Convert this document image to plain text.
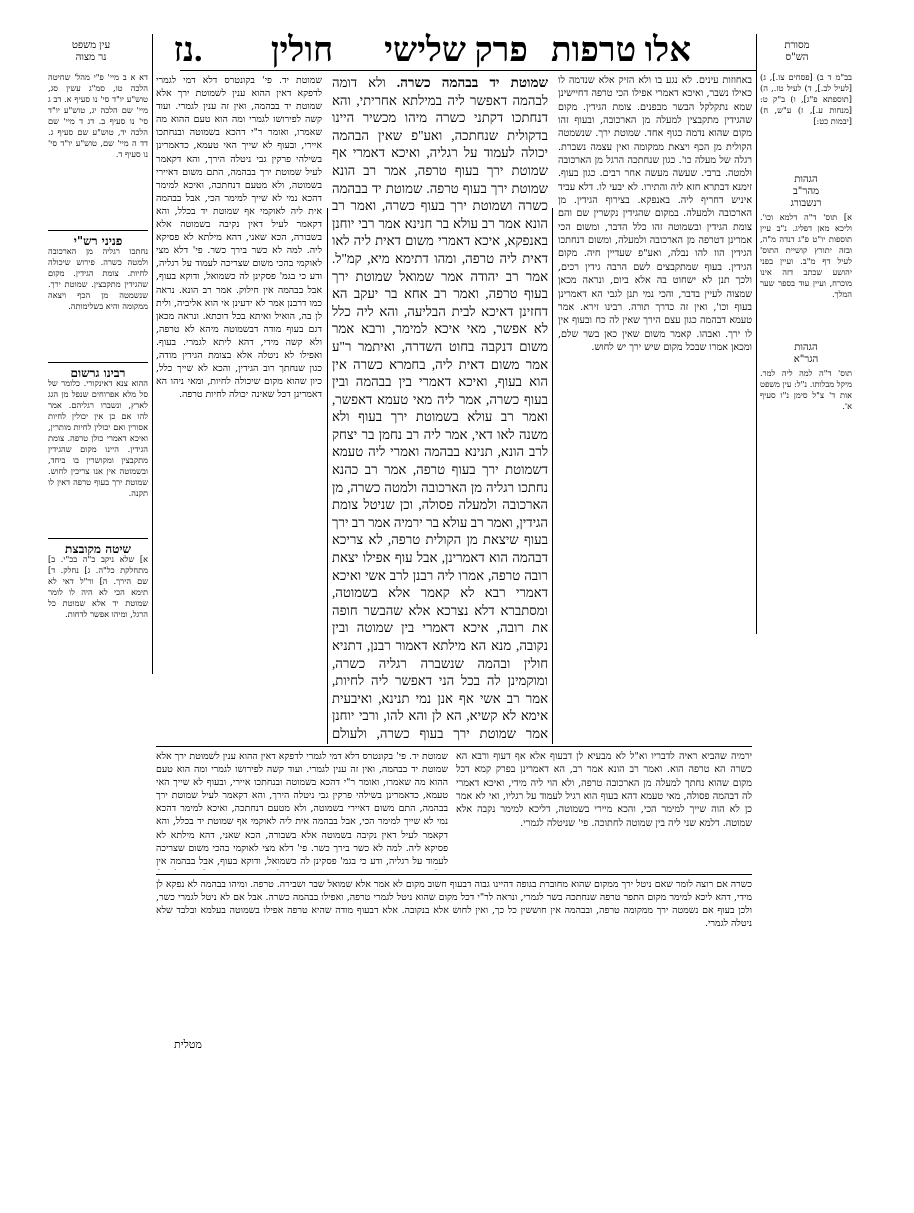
מסורת
הש"ס
אלו טרפות
פרק שלישי
חולין
נז.
עין משפט
נר מצוה
בב"מ ד ב) [פסחים צו.], ג) [לעיל לב.], ד) לעיל טז., ה) [תוספתא פ"ג], ו) ב"ק ט: [מנחות ע.], ז) ע"ש, ח) [יבמות כט:]
הגהות
מהר"ב
רנשבורג
א] תוס' ד"ה דלמא וכו'. וליכא מאן דפליג. נ"ב עיין תוספות יו"ט פ"ג דנדה מ"ה, ובזה יתורץ קושיית התוס' לעיל דף מ"ב. ועיין בפני יהושע שכתב דזה אינו מוכרח, ועיין עוד בספר שער המלך.
הגהות
הגר"א
תוס' ד"ה למה ליה למר. מיקל מבלותו. נ"ל: עין משפט אות ד' צ"ל סימן נ"ו סעיף א'.
דא א ב מיי' פ"י מהל' שחיטה הלכה טו, סמ"ג עשין סג, טוש"ע יו"ד סי' נו סעיף א. דב ג מיי' שם הלכה יג, טוש"ע יו"ד סי' נו סעיף ב. דג ד מיי' שם הלכה יד, טוש"ע שם סעיף ג. דד ה מיי' שם, טוש"ע יו"ד סי' נו סעיף ד.
פניני רש"י
נחתכו רגליה מן הארכובה ולמטה כשרה. פירוש שיכולה לחיות. צומת הגידין. מקום שהגידין מתקבצין. שמוטת ירך. שנשמטה מן הכף ויצאה ממקומה והיא בשלימותה.
רבינו גרשום
ההוא צנא דאינקורי. כלומר של סל מלא אפרוחים שנפל מן הגג לארץ, ונשברו רגליהם. אמר להו אם כן אין יכולין לחיות אסורין ואם יכולין לחיות מותרין, ואיכא דאמרי כולן טרפה. צומת הגידין. היינו מקום שהגידין מתקבצין ומקושרין בו ביחד, ובשמוטה אין אנו צריכין לחוש. שמוטת ירך בעוף טרפה דאין לו תקנה.
שיטה מקובצת
א] שלא ניקב כ"ה בכ"י. ב] מתחלקת כל"ה. ג] נחלק. ד] שם הירך. ה] ור"ל דאי לא תימא הכי לא היה לו לומר שמוטת יד אלא שמוטת כל הרגל, ומיהו אפשר לדחות.
באחוזות עינים. לא נגע בו ולא הזיק אלא שנדמה לו כאילו נשבר, ואיכא דאמרי אפילו הכי טרפה דחיישינן שמא נתקלקל הבשר מבפנים. צומת הגידין. מקום שהגידין מתקבצין למעלה מן הארכובה, ובעוף זהו מקום שהוא נדמה כגוף אחד. שמוטת ירך. שנשמטה הקולית מן הכף ויצאת ממקומה ואין עצמה נשברת. רגלה של מעלה כו'. כגון שנחתכה הרגל מן הארכובה ולמטה. ברבי. שעשה מעשה אחר רבים. כגון בעוף. זימנא דבתרא חזא ליה והתירו. לא יבעי לו. דלא עביד איניש דחריף ליה. באנפקא. בצירוף הגידין. מן הארכובה ולמעלה. במקום שהגידין נקשרין שם והם צומת הגידין ובשמוטה זהו כלל הדבר, ומשום הכי אמרינן דטרפה מן הארכובה ולמעלה, ומשום דנחתכו הגידין הוו להו נבלה, ואע"פ שעדיין חיה. מקום הגידין. בעוף שמתקבצים לשם הרבה גידין רכים, ולכך תנן לא ישחוט בה אלא ביום, ונראה מכאן שמצוה לעיין בדבר, והכי נמי תנן לגבי הא דאמרינן בעוף וכו', ואין זה כדרך תורה. רבינו זירא. אמר טעמא דבהמה כגון עצם הירך שאין לה כח ובעוף אין לו ירך. ואבהו. קאמר משום שאין כאן בשר שלם, ומכאן אמרו שבכל מקום שיש ירך יש לחוש.
שמוטת יד. פי' בקונטרס דלא דמי לגמרי לדפקא דאין ההוא ענין לשמוטת ירך אלא שמוטת יד בבהמה, ואין זה ענין לגמרי. ועוד קשה לפירושו לגמרי ומה הוא טעם ההוא מה שאמרו, ואומר ר"י דהכא בשמוטה ובנחתכו איירי, ובעוף לא שייך האי טעמא, כדאמרינן בשילהי פרקין גבי ניטלה הירך, והא דקאמר לעיל שמוטת ירך בבהמה, התם משום דאיירי בשמוטה, ולא מטעם דנחתכה, ואיכא למימר דהכא נמי לא שייך למימר הכי, אבל בבהמה אית ליה לאוקמי אף שמוטת יד בכלל, והא דקאמר לעיל דאין נקיבה בשמוטה אלא בשבורה, הכא שאני, דהא מילתא לא פסיקא ליה. למה לא כשר בירך כשר. פי' דלא מצי לאוקמי בהכי משום שצריכה לעמוד על רגליה, ודע כי בגמ' פסקינן לה כשמואל, ודוקא בעוף, אבל בבהמה אין חילוק. אמר רב הונא. נראה כמו דרבנן אמר לא ידעינן אי הוא אליביה, ולית לן בה, הואיל ואיתא בכל דוכתא. ונראה מכאן דגם בעוף מודה דבשמוטה מיהא לא טרפה, ולא קשה מידי, דהא ליתא לגמרי. בעוף. ואפילו לא ניטלה אלא בצומת הגידין מודה, כגון שנחתך רוב הגידין, והכא לא שייך כלל, כיון שהוא מקום שיכולה לחיות, ומאי ניהו הא דאמרינן דכל שאינה יכולה לחיות טרפה.
שמוטת יד בבהמה כשרה. ולא דומה לבהמה דאפשר ליה במילתא אחריתי, והא דנחתכו דקתני כשרה מיהו מכשיר היינו בדקולית שנחתכה, ואע"פ שאין הבהמה יכולה לעמוד על רגליה, ואיכא דאמרי אף שמוטת ירך בעוף טרפה, אמר רב הונא שמוטת ירך בעוף טרפה. שמוטת יד בבהמה כשרה ושמוטת ירך בעוף כשרה, ואמר רב הונא אמר רב עולא בר חנינא אמר רבי יוחנן באנפקא, איכא דאמרי משום דאית ליה לאו דאית ליה טרפה, ומהו דתימא מיא, קמ"ל. אמר רב יהודה אמר שמואל שמוטת ירך בעוף טרפה, ואמר רב אחא בר יעקב הא דחזינן דאיכא לבית הבליעה, והא ליה כלל לא אפשר, מאי איכא למימר, ורבא אמר משום דנקבה בחוט השדרה, ואיתמר ר"ע אמר משום דאית ליה, בחמרא כשרה אין הוא בעוף, ואיכא דאמרי בין בבהמה ובין בעוף כשרה, אמר ליה מאי טעמא דאפשר, ואמר רב עולא בשמוטת ירך בעוף ולא משנה לאו דאי, אמר ליה רב נחמן בר יצחק לרב הונא, תנינא בבהמה ואמרי ליה טעמא דשמוטת ירך בעוף טרפה, אמר רב כהנא נחתכו רגליה מן הארכובה ולמטה כשרה, מן הארכובה ולמעלה פסולה, וכן שניטל צומת הגידין, ואמר רב עולא בר ירמיה אמר רב ירך בעוף שיצאת מן הקולית טרפה, לא צריכא דבהמה הוא דאמרינן, אבל עוף אפילו יצאת רובה טרפה, אמרו ליה רבנן לרב אשי ואיכא דאמרי רבא לא קאמר אלא בשמוטה, ומסתברא דלא נצרכא אלא שהבשר חופה את רובה, איכא דאמרי בין שמוטה ובין נקובה, מנא הא מילתא דאמור רבנן, דתניא חולין ובהמה שנשברה רגליה כשרה, ומוקמינן לה בכל הני דאפשר ליה לחיות, אמר רב אשי אף אנן נמי תנינא, ואיבעית אימא לא קשיא, הא לן והא להו, ורבי יוחנן אמר שמוטת ירך בעוף כשרה, ולעולם
ירמיה שהביא ראיה לדבריו וא"ל לא מבעיא לן דבעוף אלא אף דעוף ורבא הא כשרה הא טרפה הוא. ואמר רב הונא אמר רב, הא דאמרינן בפרק קמא דכל מקום שהוא נחתך למעלה מן הארכובה טרפה, ולא הוי ליה מידי, ואיכא דאמרי לה דבהמה פסולה, מאי טעמא דהא בעוף הוא רגיל לעמוד על רגליו, ואי לא אמר כן לא הוה שייך למימר הכי, והכא מיירי בשמוטה, דליכא למימר נקבה אלא שמוטה. דלמא שני ליה בין שמוטה לחתוכה. פי' שניטלה לגמרי.
שמוטת יד. פי' בקונטרס דלא דמי לגמרי לדפקא דאין ההוא ענין לשמוטת ירך אלא שמוטת יד בבהמה, ואין זה ענין לגמרי. ועוד קשה לפירושו לגמרי ומה הוא טעם ההוא מה שאמרו, ואומר ר"י דהכא בשמוטה ובנחתכו איירי, ובעוף לא שייך האי טעמא, כדאמרינן בשילהי פרקין גבי ניטלה הירך, והא דקאמר לעיל שמוטת ירך בבהמה, התם משום דאיירי בשמוטה, ולא מטעם דנחתכה, ואיכא למימר דהכא נמי לא שייך למימר הכי, אבל בבהמה אית ליה לאוקמי אף שמוטת יד בכלל, והא דקאמר לעיל דאין נקיבה בשמוטה אלא בשבורה, הכא שאני, דהא מילתא לא פסיקא ליה. למה לא כשר בירך כשר. פי' דלא מצי לאוקמי בהכי משום שצריכה לעמוד על רגליה, ודע כי בגמ' פסקינן לה כשמואל, ודוקא בעוף, אבל בבהמה אין
כשרה אם רוצה לומר שאם ניטל ירך ממקום שהוא מחוברת בגופה דהיינו גבוה דבעוף חשוב מקום לא אמר אלא שמואל שבר ושבירה. טרפה. ומיהו בבהמה לא נפקא לן מידי, דהא ליכא למימר מקום התפר טרפה שנחתכה בשר לגמרי, ונראה לר"י דכל מקום שהוא ניטל לגמרי טרפה, ואפילו בבהמה כשרה. אבל אם לא ניטל לגמרי כשר, ולכן בעוף אם נשמטה ירך ממקומה טרפה, ובבהמה אין חוששין כל כך, ואין לחוש אלא בנקובה. אלא דבעוף מודה שהיא טרפה אפילו בשמוטה בעלמא ובלבד שלא ניטלה לגמרי.
מטלית
